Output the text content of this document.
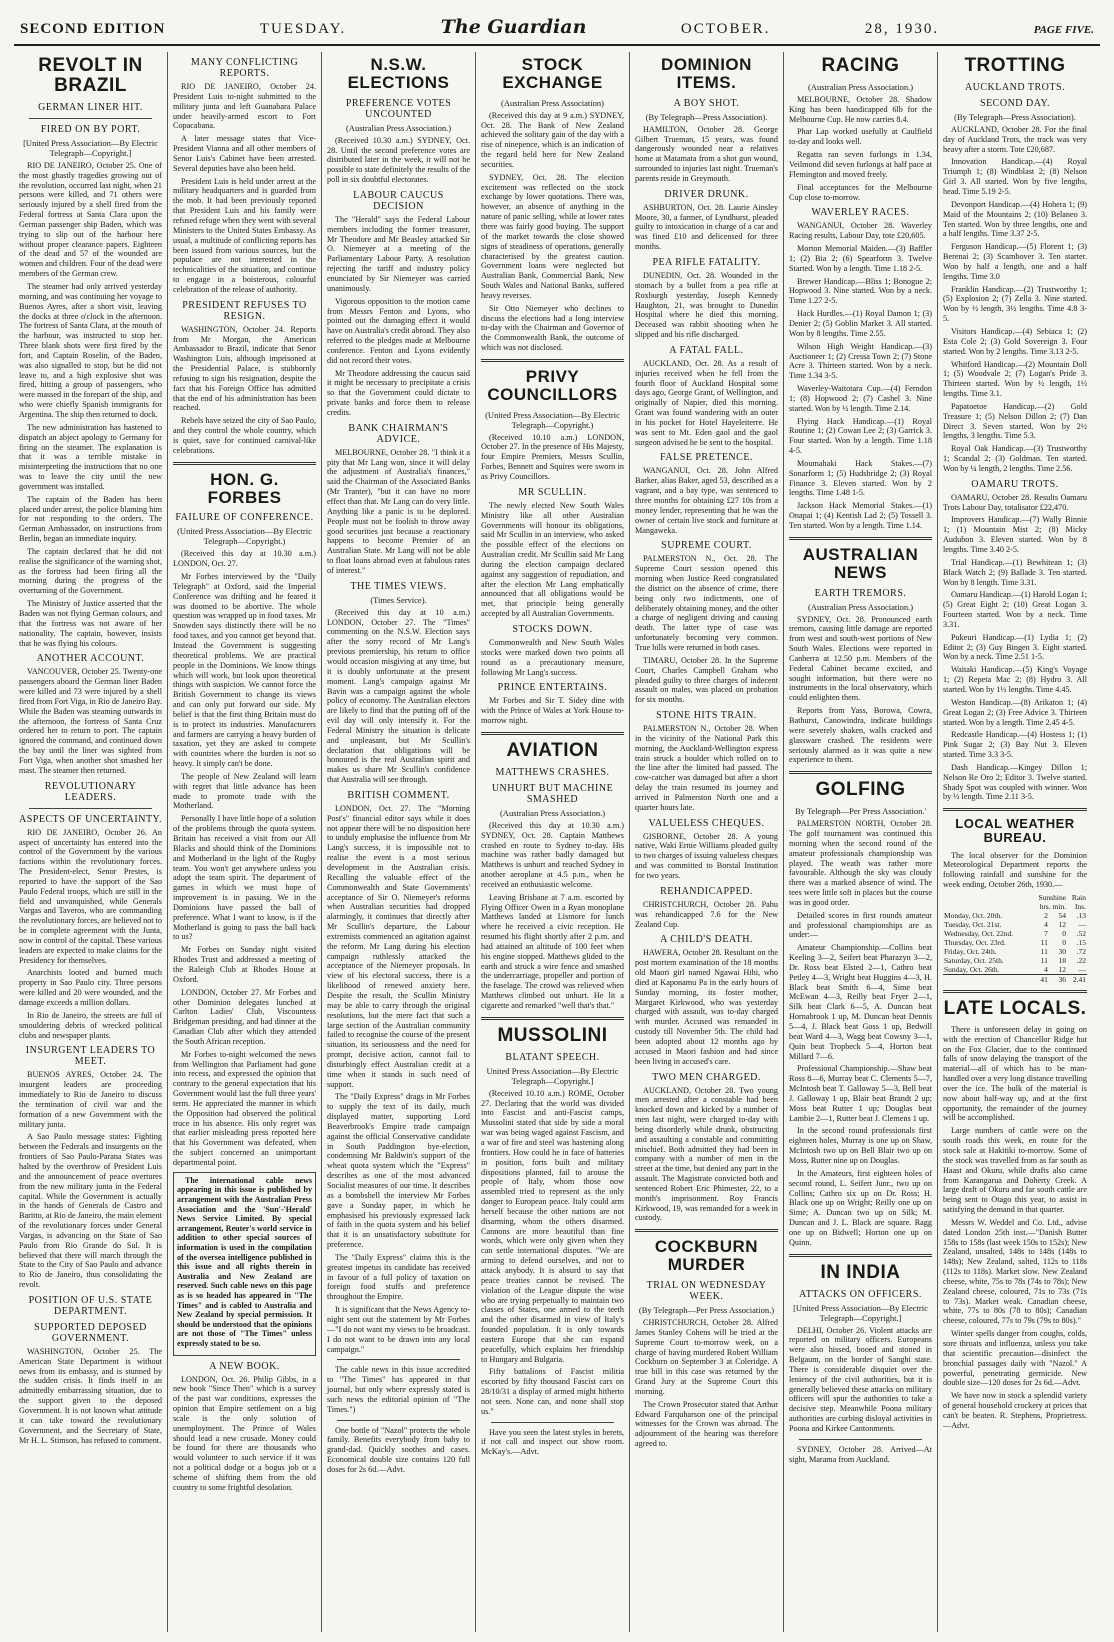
SECOND EDITION	TUESDAY.	The Guardian	OCTOBER.	28, 1930.	PAGE FIVE.
REVOLT IN BRAZIL
GERMAN LINER HIT.
FIRED ON BY PORT.
[United Press Association—By Electric Telegraph—Copyright.]

RIO DE JANEIRO, October 25. One of the most ghastly tragedies growing out of the revolution, occurred last night, when 21 persons were killed, and 71 others were seriously injured by a shell fired from the Federal fortress at Santa Clara upon the German passenger ship Baden, which was trying to slip out of the harbour here without proper clearance papers. Eighteen of the dead and 57 of the wounded are women and children. Four of the dead were members of the German crew.

The steamer had only arrived yesterday morning, and was continuing her voyage to Buenos Ayres, after a short visit, leaving the docks at three o'clock in the afternoon. The fortress of Santa Clara, at the mouth of the harbour, was instructed to stop her. Three blank shots were first fired by the fort, and Captain Roselin, of the Baden, was also signalled to stop, but he did not leave to, and a high explosive shot was fired, hitting a group of passengers, who were massed in the forepart of the ship, and who were chiefly Spanish immigrants for Argentina. The ship then returned to dock.

The new administration has hastened to dispatch an abject apology to Germany for firing on the steamer. The explanation is that it was a terrible mistake in misinterpreting the instructions that no one was to leave the city until the new government was installed.

The captain of the Baden has been placed under arrest, the police blaming him for not responding to the orders. The German Ambassador, on instructions from Berlin, began an immediate inquiry.

The captain declared that he did not realise the significance of the warning shot, as the fortress had been firing all the morning during the progress of the overturning of the Government.

The Ministry of Justice asserted that the Baden was not flying German colours, and that the fortress was not aware of her nationality. The captain, however, insists that he was flying his colours.

ANOTHER ACCOUNT.

VANCOUVER, October 25. Twenty-one passengers aboard the German liner Baden were killed and 73 were injured by a shell fired from Fort Viga, in Rio de Janeiro Bay. While the Baden was steaming outwards in the afternoon, the fortress of Santa Cruz ordered her to return to port. The captain ignored the command, and continued down the bay until the liner was sighted from Fort Viga, when another shot smashed her mast. The steamer then returned.

REVOLUTIONARY LEADERS.
ASPECTS OF UNCERTAINTY.

RIO DE JANEIRO, October 26. An aspect of uncertainty has entered into the control of the Government by the various factions within the revolutionary forces. The President-elect, Senor Prestes, is reported to have the support of the Sao Paulo Federal troops, which are still in the field and unvanquished, while Generals Vargas and Taveros, who are commanding the revolutionary forces, are believed not to be in complete agreement with the Junta, now in control of the capital. These various leaders are expected to make claims for the Presidency for themselves.

Anarchists looted and burned much property in Sao Paulo city. Three persons were killed and 20 were wounded, and the damage exceeds a million dollars.

In Rio de Janeiro, the streets are full of smouldering debris of wrecked political clubs and newspaper plants.

INSURGENT LEADERS TO MEET.

BUENOS AYRES, October 24. The insurgent leaders are proceeding immediately to Rio de Janeiro to discuss the termination of civil war and the formation of a new Government with the military junta.

A Sao Paulo message states: Fighting between the Federals and insurgents on the frontiers of Sao Paulo-Parana States was halted by the overthrow of President Luis and the announcement of peace overtures from the new military junta in the Federal capital. While the Government is actually in the hands of Generals de Castro and Baritto, at Rio de Janeiro, the main element of the revolutionary forces under General Vargas, is advancing on the State of Sao Paulo from Rio Grande do Sul. It is believed that there will march through the State to the City of Sao Paulo and advance to Rio de Janeiro, thus consolidating the revolt.

POSITION OF U.S. STATE DEPARTMENT.
SUPPORTED DEPOSED GOVERNMENT.

WASHINGTON, October 25. The American State Department is without news from its embassy, and is stunned by the sudden crisis. It finds itself in an admittedly embarrassing situation, due to the support given to the deposed Government. It is not known what attitude it can take toward the revolutionary Government, and the Secretary of State, Mr H. L. Stimson, has refused to comment.

MANY CONFLICTING REPORTS.

RIO DE JANEIRO, October 24. President Luis to-night submitted to the military junta and left Guanabara Palace under heavily-armed escort to Fort Copacabana.

A later message states that Vice-President Vianna and all other members of Senor Luis's Cabinet have been arrested. Several deputies have also been held.

President Luis is held under arrest at the military headquarters and is guarded from the mob. It had been previously reported that President Luis and his family were refused refuge when they went with several Ministers to the United States Embassy. As usual, a multitude of conflicting reports has been issued from various sources, but the populace are not interested in the technicalities of the situation, and continue to engage in a boisterous, colourful celebration of the release of authority.

PRESIDENT REFUSES TO RESIGN.

WASHINGTON, October 24. Reports from Mr Morgan, the American Ambassador to Brazil, indicate that Senor Washington Luis, although imprisoned at the Presidential Palace, is stubbornly refusing to sign his resignation, despite the fact that his Foreign Office has admitted that the end of his administration has been reached.

Rebels have seized the city of Sao Paulo, and they control the whole country, which is quiet, save for continued carnival-like celebrations.

HON. G. FORBES
FAILURE OF CONFERENCE.
(United Press Association—By Electric Telegraph—Copyright.)

(Received this day at 10.30 a.m.) LONDON, Oct. 27.

Mr Forbes interviewed by the "Daily Telegraph" at Oxford, said the Imperial Conference was drifting and he feared it was doomed to be abortive. The whole question was wrapped up in food taxes. Mr Snowden says distinctly there will be no food taxes, and you cannot get beyond that. Instead the Government is suggesting theoretical problems. We are practical people in the Dominions. We know things which will work, but look upon theoretical things with suspicion. We cannot force the British Government to change its views and can only put forward our side. My belief is that the first thing Britain must do is to protect its industries. Manufacturers and farmers are carrying a heavy burden of taxation, yet they are asked to compete with countries where the burden is not so heavy. It simply can't be done.

The people of New Zealand will learn with regret that little advance has been made to promote trade with the Motherland.

Personally I have little hope of a solution of the problems through the quota system. Britain has received a visit from our All Blacks and should think of the Dominions and Motherland in the light of the Rugby team. You won't get anywhere unless you adopt the team spirit. The department of games in which we must hope of improvement is in passing. We in the Dominions have passed the ball of preference. What I want to know, is if the Motherland is going to pass the ball back to us?

Mr Forbes on Sunday night visited Rhodes Trust and addressed a meeting of the Raleigh Club at Rhodes House at Oxford.

LONDON, October 27. Mr Forbes and other Dominion delegates lunched at Carlton Ladies' Club, Viscountess Bridgeman presiding, and had dinner at the Canadian Club after which they attended the South African reception.

Mr Forbes to-night welcomed the news from Wellington that Parliament had gone into recess, and expressed the opinion that contrary to the general expectation that his Government would last the full three years' term. He appreciated the manner in which the Opposition had observed the political truce in his absence. His only regret was that earlier misleading press reported here that his Government was defeated, when the subject concerned an unimportant departmental point.

The international cable news appearing in this issue is published by arrangement with the Australian Press Association and the 'Sun'-'Herald' News Service Limited. By special arrangement, Reuter's world service in addition to other special sources of information is used in the compilation of the oversea intelligence published in this issue and all rights therein in Australia and New Zealand are reserved. Such cable news on this page as is so headed has appeared in "The Times" and is cabled to Australia and New Zealand by special permission. It should be understood that the opinions are not those of "The Times" unless expressly stated to be so.

A NEW BOOK.

LONDON, Oct. 26. Philip Gibbs, in a new book "Since Then" which is a survey of the past war conditions, expresses the opinion that Empire settlement on a big scale is the only solution of unemployment. The Prince of Wales should lead a new crusade. Money could be found for there are thousands who would volunteer to such service if it was not a political dodge or a bogus job or a scheme of shifting them from the old country to some frightful desolation.

N.S.W. ELECTIONS
PREFERENCE VOTES UNCOUNTED
(Australian Press Association.)

(Received 10.30 a.m.) SYDNEY, Oct. 28. Until the second preference votes are distributed later in the week, it will not be possible to state definitely the results of the poll in six doubtful electorates.

LABOUR CAUCUS DECISION

The "Herald" says the Federal Labour members including the former treasurer, Mr Theodore and Mr Beasley attacked Sir O. Niemeyer at a meeting of the Parliamentary Labour Party. A resolution rejecting the tariff and industry policy enunciated by Sir Niemeyer was carried unanimously.

Vigorous opposition to the motion came from Messrs Fenton and Lyons, who pointed out the damaging effect it would have on Australia's credit abroad. They also referred to the pledges made at Melbourne conference. Fenton and Lyons evidently did not record their votes.

Mr Theodore addressing the caucus said it might be necessary to precipitate a crisis so that the Government could dictate to private banks and force them to release credits.

BANK CHAIRMAN'S ADVICE.

MELBOURNE, October 28. "I think it a pity that Mr Lang won, since it will delay the adjustment of Australia's finances," said the Chairman of the Associated Banks (Mr Tranter), "but it can have no more effect than that. Mr Lang can do very little. Anything like a panic is to be deplored. People must not be foolish to throw away good securities just because a reactionary happens to become Premier of an Australian State. Mr Lang will not be able to float loans abroad even at fabulous rates of interest."

THE TIMES VIEWS.
(Times Service).

(Received this day at 10 a.m.) LONDON, October 27. The "Times" commenting on the N.S.W. Election says after the sorry record of Mr Lang's previous premiership, his return to office would occasion misgiving at any time, but it is doubly unfortunate at the present moment. Lang's campaign against Mr Bavin was a campaign against the whole policy of economy. The Australian electors are likely to find that the putting off of the evil day will only intensify it. For the Federal Ministry the situation is delicate and unpleasant, but Mr Scullin's declaration that obligations will be honoured is the real Australian spirit and makes us share Mr Scullin's confidence that Australia will see through.

BRITISH COMMENT.

LONDON, Oct. 27. The "Morning Post's" financial editor says while it does not appear there will be no disposition here to unduly emphasise the influence from Mr Lang's success, it is impossible not to realise the event is a most serious development in the Australian crisis. Recalling the valuable effect of the Commonwealth and State Governments' acceptance of Sir O. Niemeyer's reforms when Australian securities had dropped alarmingly, it continues that directly after Mr Scullin's departure, the Labour extremists commenced an agitation against the reform. Mr Lang during his election campaign ruthlessly attacked the acceptance of the Niemeyer proposals. In view of his electoral success, there is a likelihood of renewed anxiety here. Despite the result, the Scullin Ministry may be able to carry through the original resolutions, but the mere fact that such a large section of the Australian community failed to recognise the course of the present situation, its seriousness and the need for prompt, decisive action, cannot fail to disturbingly effect Australian credit at a time when it stands in such need of support.

The "Daily Express" drags in Mr Forbes to supply the text of its daily, much displayed matter, supporting Lord Beaverbrook's Empire trade campaign against the official Conservative candidate in South Paddington bye-election, condemning Mr Baldwin's support of the wheat quota system which the "Express" describes as one of the most advanced Socialist measures of our time. It describes as a bombshell the interview Mr Forbes gave a Sunday paper, in which he emphasised his previously expressed lack of faith in the quota system and his belief that it is an unsatisfactory substitute for preference.

The "Daily Express" claims this is the greatest impetus its candidate has received in favour of a full policy of taxation on foreign food stuffs and preference throughout the Empire.

It is significant that the News Agency to-night sent out the statement by Mr Forbes—"I do not want my views to be broadcast. I do not want to be drawn into any local campaign."

The cable news in this issue accredited to "The Times" has appeared in that journal, but only where expressly stated is such news the editorial opinion of "The Times.")

One bottle of "Nazol" protects the whole family. Benefits everybody from baby to grand-dad. Quickly soothes and cases. Economical double size contains 120 full doses for 2s 6d.—Advt.

STOCK EXCHANGE
(Australian Press Association)

(Received this day at 9 a.m.) SYDNEY, Oct. 28. The Bank of New Zealand achieved the solitary gain of the day with a rise of ninepence, which is an indication of the regard held here for New Zealand securities.

SYDNEY, Oct. 28. The election excitement was reflected on the stock exchange by lower quotations. There was, however, an absence of anything in the nature of panic selling, while at lower rates there was fairly good buying. The support of the market towards the close showed signs of steadiness of operations, generally characterised by the greatest caution. Government loans were neglected but Australian Bank, Commercial Bank, New South Wales and National Banks, suffered heavy reverses.

Sir Otto Niemeyer who declines to discuss the elections had a long interview to-day with the Chairman and Governor of the Commonwealth Bank, the outcome of which was not disclosed.

PRIVY COUNCILLORS
(United Press Association—By Electric Telegraph—Copyright.)

(Received 10.10 a.m.) LONDON, October 27. In the presence of His Majesty, four Empire Premiers, Messrs Scullin, Forbes, Bennett and Squires were sworn in as Privy Councillors.

MR SCULLIN.

The newly elected New South Wales Ministry like all other Australian Governments will honour its obligations, said Mr Scullin in an interview, who asked the possible effect of the elections on Australian credit. Mr Scullin said Mr Lang during the election campaign declared against any suggestion of repudiation, and after the election Mr Lang emphatically announced that all obligations would be met, that principle being generally accepted by all Australian Governments.

STOCKS DOWN.

Commonwealth and New South Wales stocks were marked down two points all round as a precautionary measure, following Mr Lang's success.

PRINCE ENTERTAINS.

Mr Forbes and Sir T. Sidey dine with with the Prince of Wales at York House to-morrow night.

AVIATION
MATTHEWS CRASHES.
UNHURT BUT MACHINE SMASHED
(Australian Press Association.)

(Received this day at 10.30 a.m.) SYDNEY, Oct. 28. Captain Matthews crashed en route to Sydney to-day. His machine was rather badly damaged but Matthews is unhurt and reached Sydney in another aeroplane at 4.5 p.m., when he received an enthusiastic welcome.

Leaving Brisbane at 7 a.m. escorted by Flying Officer Owen in a Ryan monoplane Matthews landed at Lismore for lunch where he received a civic reception. He resumed his flight shortly after 2 p.m. and had attained an altitude of 100 feet when his engine stopped. Matthews glided to the earth and struck a wire fence and smashed the undercarriage, propeller and portion of the fuselage. The crowd was relieved when Matthews climbed out unhurt. He lit a cigarette and remarked "well that's that."

MUSSOLINI
BLATANT SPEECH.
United Press Association—By Electric Telegraph—Copyright.]

(Received 10.10 a.m.) ROME, October 27. Declaring that the world was divided into Fascist and anti-Fascist camps, Mussolini stated that side by side a moral war was being waged against Fascism, and a war of fire and steel was hastening along frontiers. How could he in face of batteries in position, forts built and military dispositions planned, fail to arouse the people of Italy, whom those now assembled tried to represent as the only danger to European peace. Italy could arm herself because the other nations are not disarming, whom the others disarmed. Cannons are more beautiful than fine words, which were only given when they can settle international disputes. "We are arming to defend ourselves, and not to attack anybody. It is absurd to say that peace treaties cannot be revised. The violation of the League dispute the wise who are trying perpetually to maintain two classes of States, one armed to the teeth and the other disarmed in view of Italy's founded population. It is only towards eastern Europe that she can expand peacefully, which explains her friendship to Hungary and Bulgaria.

Fifty battalions of Fascist militia escorted by fifty thousand Fascist cars on 28/10/31 a display of armed might hitherto not seen. None can, and none shall stop us."

Have you seen the latest styles in berets, if not call and inspect our show room. McKay's.—Advt.

DOMINION ITEMS.
A BOY SHOT.
(By Telegraph—Press Association).

HAMILTON, October 28. George Gilbert Trueman, 15 years, was found dangerously wounded near a relatives home at Matamata from a shot gun wound, surrounded to injuries last night. Trueman's parents reside in Greymouth.

DRIVER DRUNK.

ASHBURTON, Oct. 28. Laurie Ainsley Moore, 30, a farmer, of Lyndhurst, pleaded guilty to intoxication in charge of a car and was fined £10 and delicensed for three months.

PEA RIFLE FATALITY.

DUNEDIN, Oct. 28. Wounded in the stomach by a bullet from a pea rifle at Roxburgh yesterday, Joseph Kennedy Haughton, 21, was brought to Dunedin Hospital where he died this morning. Deceased was rabbit shooting when he slipped and his rifle discharged.

A FATAL FALL.

AUCKLAND, Oct. 28. As a result of injuries received when he fell from the fourth floor of Auckland Hospital some days ago, George Grant, of Wellington, and originally of Napier, died this morning. Grant was found wandering with an outer in his pocket for Hotel Hayeleiterre. He was sent to Mt. Eden gaol and the gaol surgeon advised he be sent to the hospital.

FALSE PRETENCE.

WANGANUI, Oct. 28. John Alfred Barker, alias Baker, aged 53, described as a vagrant, and a bay type, was sentenced to three months for obtaining £27 10s from a money lender, representing that he was the owner of certain live stock and furniture at Mangaweka.

SUPREME COURT.

PALMERSTON N., Oct. 28. The Supreme Court session opened this morning when Justice Reed congratulated the district on the absence of crime, there being only two indictments, one of deliberately obtaining money, and the other a charge of negligent driving and causing death. The latter type of case was unfortunately becoming very common. True bills were returned in both cases.

TIMARU, October 28. In the Supreme Court, Charles Campbell Graham who pleaded guilty to three charges of indecent assault on males, was placed on probation for six months.

STONE HITS TRAIN.

PALMERSTON N., October 28. When in the vicinity of the National Park this morning, the Auckland-Wellington express train struck a boulder which rolled on to the line after the limited had passed. The cow-catcher was damaged but after a short delay the train resumed its journey and arrived in Palmerston North one and a quarter hours late.

VALUELESS CHEQUES.

GISBORNE, October 28. A young native, Waki Ernie Williams pleaded guilty to two charges of issuing valueless cheques and was committed to Borstal Institution for two years.

REHANDICAPPED.

CHRISTCHURCH, October 28. Pahu was rehandicapped 7.6 for the New Zealand Cup.

A CHILD'S DEATH.

HAWERA, October 28. Resultant on the post mortem examination of the 18 months old Maori girl named Ngawai Hihi, who died at Kaponamu Pa in the early hours of Sunday morning, its foster mother, Margaret Kirkwood, who was yesterday charged with assault, was to-day charged with murder. Accused was remanded in custody till November 5th. The child had been adopted about 12 months ago by accused in Maori fashion and had since been living in accused's care.

TWO MEN CHARGED.

AUCKLAND, October 28. Two young men arrested after a constable had been knocked down and kicked by a number of men last night, were charged to-day with being disorderly while drunk, obstructing and assaulting a constable and committing mischief. Both admitted they had been in company with a number of men in the street at the time, but denied any part in the assault. The Magistrate convicted both and sentenced Robert Eric Phimester, 22, to a month's imprisonment. Roy Francis Kirkwood, 19, was remanded for a week in custody.

COCKBURN MURDER
TRIAL ON WEDNESDAY WEEK.
(By Telegraph—Per Press Association.)

CHRISTCHURCH, October 28. Alfred James Stanley Cohens will be tried at the Supreme Court to-morrow week, on a charge of having murdered Robert William Cockburn on September 3 at Coleridge. A true bill in this case was returned by the Grand Jury at the Supreme Court this morning.

The Crown Prosecutor stated that Arthur Edward Farquharson one of the principal witnesses for the Crown was abroad. The adjournment of the hearing was therefore agreed to.

RACING
(Australian Press Association.)

MELBOURNE, October 28. Shadow King has been handicapped 6lb for the Melbourne Cup. He now carries 8.4.

Phar Lap worked usefully at Caulfield to-day and looks well.

Regatta ran seven furlongs in 1.34, Veilmond did seven furlongs at half pace at Flemington and moved freely.

Final acceptances for the Melbourne Cup close to-morrow.

WAVERLEY RACES.

WANGANUI, October 28. Waverley Racing results, Labour Day, tote £20,605.

Morton Memorial Maiden.—(3) Baffler 1; (2) Bia 2; (6) Spearform 3. Twelve Started. Won by a length. Time 1.18 2-5.

Brewer Handicap.—Bliss 1; Bonogue 2; Hopwood 3. Nine started. Won by a neck. Time 1.27 2-5.

Hack Hurdles.—(1) Royal Damon 1; (3) Denier 2; (5) Goblin Market 3. All started. Won by 8 lengths. Time 2.55.

Wilson High Weight Handicap.—(3) Auctioneer 1; (2) Cressa Town 2; (7) Stone Acre 3. Thirteen started. Won by a neck. Time 1.34 3-5.

Waverley-Waitotara Cup.—(4) Ferndon 1; (8) Hopwood 2; (7) Cashel 3. Nine started. Won by ½ length. Time 2.14.

Flying Hack Handicap.—(1) Royal Routine 1; (2) Cowan Lee 2; (3) Garrick 3. Four started. Won by a length. Time 1.18 4-5.

Moumahaki Hack Stakes.—(7) Sonarform 1; (5) Hudsbridge 2; (3) Royal Finance 3. Eleven started. Won by 2 lengths. Time 1.48 1-5.

Jackson Hack Memorial Stakes.—(1) Onapai 1; (4) Kentish Lad 2; (5) Tossell 3. Ten started. Won by a length. Time 1.14.

AUSTRALIAN NEWS
EARTH TREMORS.
(Australian Press Association.)

SYDNEY, Oct. 28. Pronounced earth tremors, causing little damage are reported from west and south-west portions of New South Wales. Elections were reported in Canberra at 12.50 p.m. Members of the Federal Cabinet became excited, and sought information, but there were no instruments in the local observatory, which could enlighten them.

Reports from Yass, Borowa, Cowra, Bathurst, Canowindra, indicate buildings were severely shaken, walls cracked and glassware crashed. The residents were seriously alarmed as it was quite a new experience to them.

GOLFING
By Telegraph—Per Press Association.'

PALMERSTON NORTH, October 28. The golf tournament was continued this morning when the second round of the amateur professionals championship was played. The weath was rather more favourable. Although the sky was cloudy there was a marked absence of wind. The tees were little soft in places but the course was in good order.

Detailed scores in first rounds amateur and professional championships are as under:—

Amateur Championship.—Collins beat Keeling 3—2, Seifert beat Pharazyn 3—2, Dr. Ross beat Elsted 2—1, Cathro beat Petley 4—3, Wright beat Huggins 4—3, H. Black beat Smith 6—4, Sime beat McEwan 4—3, Reilly beat Fryer 2—1, Silk beat Clark 6—5, A. Duncan beat Hornabrook 1 up, M. Duncan beat Dennis 5—4, J. Black beat Goss 1 up, Bedwill beat Ward 4—3, Wagg beat Cowsny 3—1, Quin beat Tropbeck 5—4, Horton beat Millard 7—6.

Professional Championship.—Shaw beat Ross 8—6, Murray beat C. Clements 5—7, McIntosh beat T. Galloway 5—3, Bell beat J. Galloway 1 up, Blair beat Brandt 2 up; Moss beat Rutter 1 up; Douglas beat Lambie 2—1, Rutter beat J. Clemens 1 up.

In the second round professionals first eighteen holes, Murray is one up on Shaw, McIntosh two up on Bell Blair two up on Moss, Rutter nine up on Douglas.

In the Amateurs, first eighteen holes of second round, L. Seifert Junr., two up on Collins; Cathro six up on Dr. Ross; H. Black one up on Wright; Reilly one up on Sime; A. Duncan two up on Silk; M. Duncan and J. L. Black are square. Ragg one up on Bidwell; Horton one up on Quinn.

IN INDIA
ATTACKS ON OFFICERS.
[United Press Association—By Electric Telegraph—Copyright.]

DELHI, October 26. Violent attacks are reported on military officers. Europeans were also hissed, booed and stoned in Belgaum, on the border of Sanghi state. There is considerable disquiet over the leniency of the civil authorities, but it is generally believed these attacks on military officers will spur the authorities to take a decisive step. Meanwhile Poona military authorities are curbing disloyal activities in Poona and Kirkee Cantonments.

SYDNEY, October 28. Arrived—At sight, Marama from Auckland.

TROTTING
AUCKLAND TROTS.
SECOND DAY.
(By Telegraph—Press Association).

AUCKLAND, October 28. For the final day of Auckland Trots, the track was very heavy after a storm. Tote £20,687.

Innovation Handicap.—(4) Royal Triumph 1; (8) Windblast 2; (8) Nelson Girl 3. All started. Won by five lengths, head. Time 5.19 2-5.

Devonport Handicap.—(4) Hohera 1; (9) Maid of the Mountains 2; (10) Belaneo 3. Ten started. Won by three lengths, one and a half lengths. Time 3.37 2-5.

Ferguson Handicap.—(5) Florent 1; (3) Berenai 2; (3) Scambover 3. Ten starter. Won by half a length, one and a half lengths. Time 3.0

Franklin Handicap.—(2) Trustworthy 1; (5) Explosion 2; (7) Zella 3. Nine started. Won by ½ length, 3½ lengths. Time 4.8 3-5.

Visitors Handicap.—(4) Sebiaca 1; (2) Esta Cole 2; (3) Gold Sovereign 3. Four started. Won by 2 lengths. Time 3.13 2-5.

Whitford Handicap.—(2) Mountain Doll 1; (5) Woodvale 2; (7) Logan's Pride 3. Thirteen started. Won by ½ length, 1½ lengths. Time 3.1.

Papatoetoe Handicap.—(2) Gold Treasure 1; (5) Nelson Dillon 2; (7) Dan Direct 3. Seven started. Won by 2½ lengths, 3 lengths. Time 5.3.

Royal Oak Handicap.—(3) Trustworthy 1; Scandal 2; (3) Goldman. Ten started. Won by ¼ length, 2 lengths. Time 2.56.

OAMARU TROTS.

OAMARU, October 28. Results Oamaru Trots Labour Day, totalisator £22,470.

Improvers Handicap.—(7) Wally Binnie 1; (1) Mountain Mist 2; (8) Micky Audubon 3. Eleven started. Won by 8 lengths. Time 3.40 2-5.

Trial Handicap.—(1) Bewhitean 1; (3) Black Watch 2; (9) Ballade 3. Ten started. Won by 8 length. Time 3.31.

Oamaru Handicap.—(1) Harold Logan 1; (5) Great Eight 2; (10) Great Logan 3. Fourteen started. Won by a neck. Time 3.31.

Pukeuri Handicap.—(1) Lydia 1; (2) Editor 2; (3) Guy Bingen 3. Eight started. Won by a neck. Time 2.51 1-5.

Waitaki Handicap.—(5) King's Voyage 1; (2) Repeta Mac 2; (8) Hydro 3. All started. Won by 1½ lengths. Time 4.45.

Weston Handicap.—(8) Arikaton 1; (4) Great Logan 2; (3) Free Advice 3. Thirteen started. Won by a length. Time 2.45 4-5.

Redcastle Handicap.—(4) Hostess 1; (1) Pink Sugar 2; (3) Bay Nut 3. Eleven started. Time 3.3 3-5.

Dash Handicap.—Kingey Dillon 1; Nelson Re Oro 2; Editor 3. Twelve started. Shady Spot was coupled with winner. Won by ½ length. Time 2.11 3-5.

LOCAL WEATHER BUREAU.

The local observer for the Dominion Meteorological Department reports the following rainfall and sunshine for the week ending, October 26th, 1930.—

	Sunshine		Rain
	hrs. min.		Ins.
Monday, Oct. 20th.	2	54	.13
Tuesday, Oct. 21st.	4	12	—
Wednesday, Oct. 22nd.	7	0	.52
Thursday, Oct. 23rd.	11	0	.15
Friday, Oct. 24th.	11	30	.72
Saturday, Oct. 25th.	11	18	.22
Sunday, Oct. 26th.	4	12	—
	41	36	2.41
LATE LOCALS.

There is unforeseen delay in going on with the erection of Chancellor Ridge hut on the Fox Glacier, due to the continued falls of snow delaying the transport of the material—all of which has to be man-handled over a very long distance travelling over the ice. The bulk of the material is now about half-way up, and at the first opportunity, the remainder of the journey will be accomplished.

Large numbers of cattle were on the south roads this week, en route for the stock sale at Hakitiki to-morrow. Some of the stock was travelled from as far south as Haast and Okuru, while drafts also came from Karangarua and Doherty Creek. A large draft of Okuru and far south cattle are being sent to Otago this year, to assist in satisfying the demand in that quarter.

Messrs W. Weddel and Co. Ltd., advise dated London 25th inst.—"Danish Butter 158s to 158s (last week 150s to 152s); New Zealand, unsalted, 148s to 148s (148s to 148s); New Zealand, salted, 112s to 118s (112s to 118s). Market slow. New Zealand cheese, white, 75s to 78s (74s to 78s); New Zealand cheese, coloured, 71s to 73s (71s to 73s). Market weak. Canadian cheese, white, 77s to 80s (78 to 80s); Canadian cheese, coloured, 77s to 79s (79s to 80s)."

Winter spells danger from coughs, colds, sore throats and influenza, unless you take that scientific precaution—disinfect the bronchial passages daily with "Nazol." A powerful, penetrating germicide. New double size—120 doses for 2s 6d.—Advt.

We have now in stock a splendid variety of general household crockery at prices that can't be beaten. R. Stephens, Proprietress.—Advt.
